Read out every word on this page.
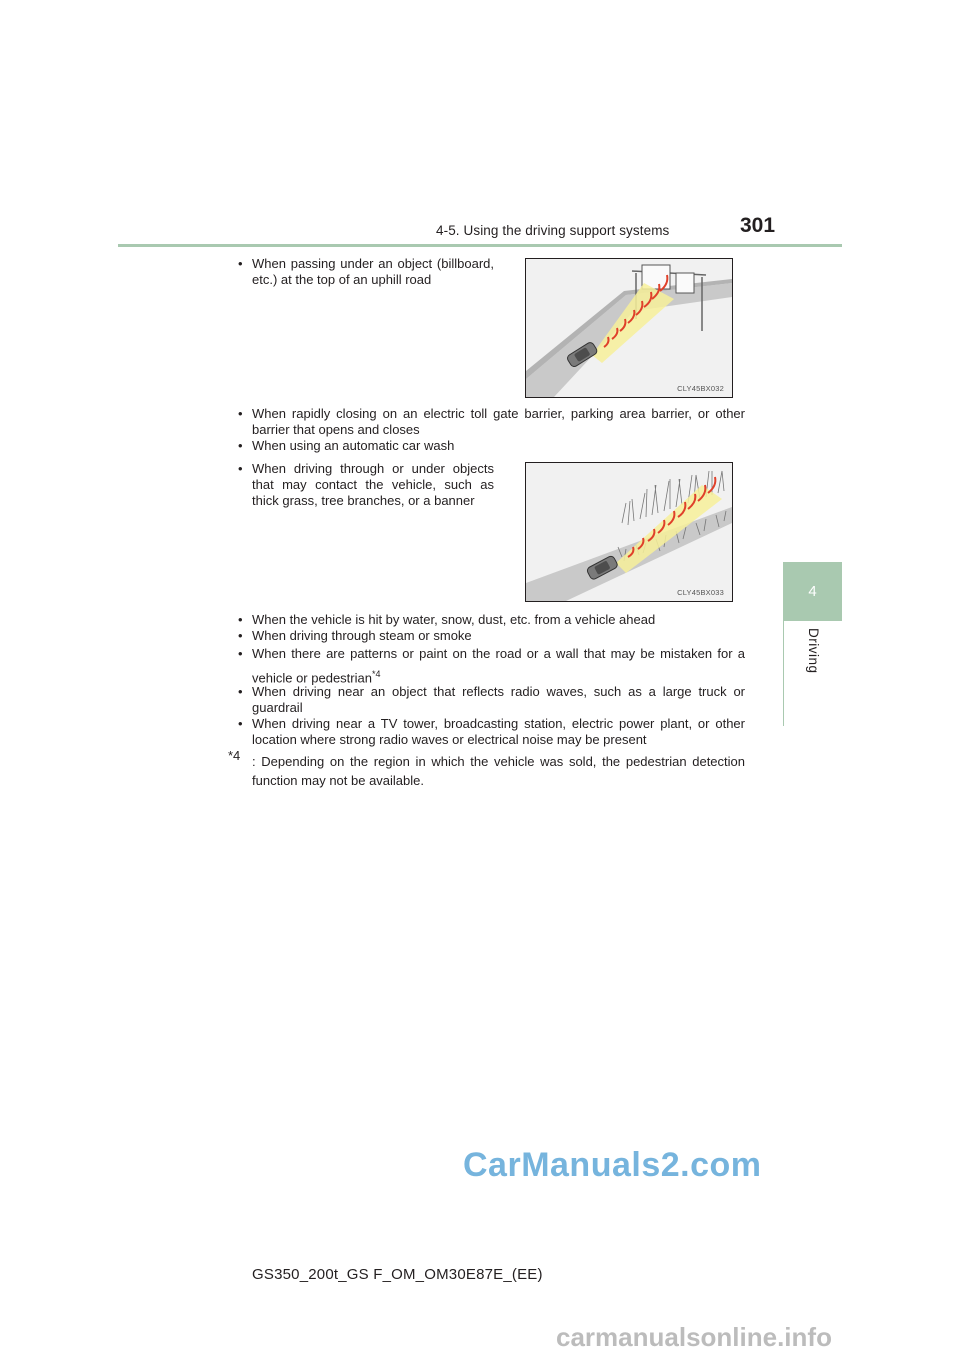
4-5. Using the driving support systems	301
4
Driving
• When passing under an object (billboard, etc.) at the top of an uphill road
CLY45BX032
• When rapidly closing on an electric toll gate barrier, parking area barrier, or other barrier that opens and closes
• When using an automatic car wash
• When driving through or under objects that may contact the vehicle, such as thick grass, tree branches, or a banner
CLY45BX033
• When the vehicle is hit by water, snow, dust, etc. from a vehicle ahead
• When driving through steam or smoke
• When there are patterns or paint on the road or a wall that may be mistaken for a vehicle or pedestrian$^{*4}$
• When driving near an object that reflects radio waves, such as a large truck or guardrail
• When driving near a TV tower, broadcasting station, electric power plant, or other location where strong radio waves or electrical noise may be present
*4 : Depending on the region in which the vehicle was sold, the pedestrian detection function may not be available.
GS350_200t_GS F_OM_OM30E87E_(EE)
CarManuals2.com
carmanualsonline.info
